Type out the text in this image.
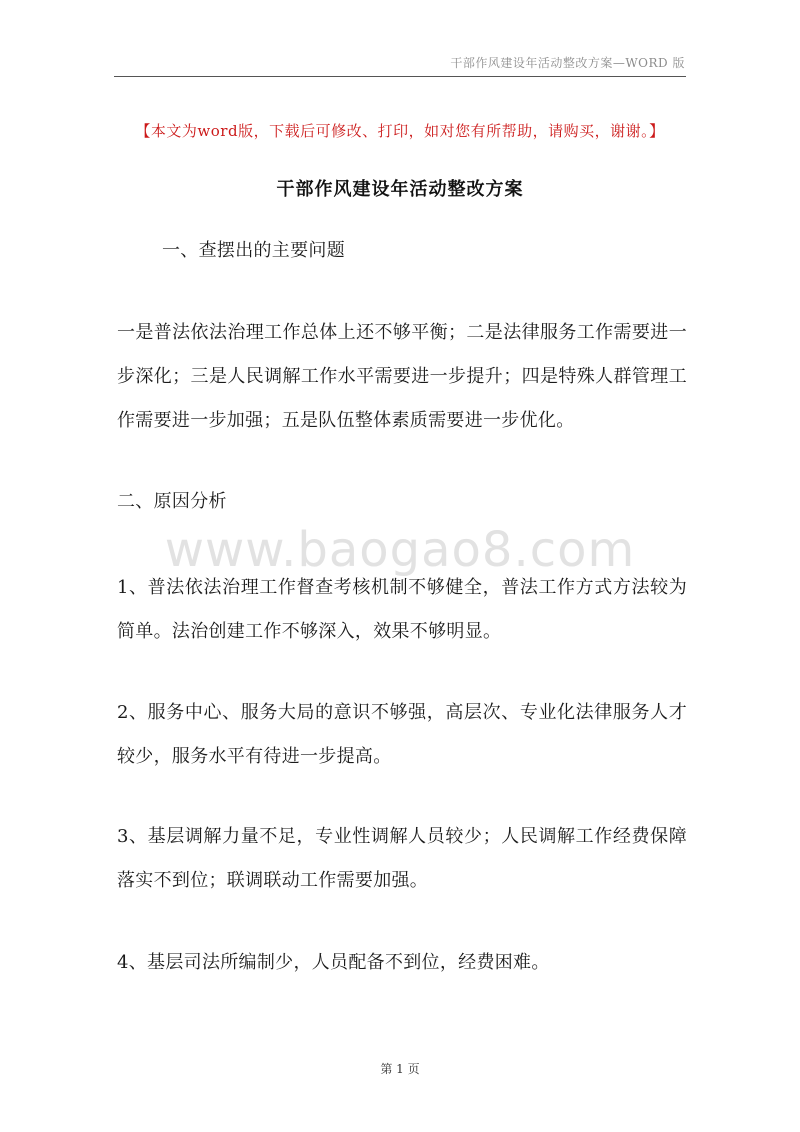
干部作风建设年活动整改方案—WORD 版
【本文为word版，下载后可修改、打印，如对您有所帮助，请购买，谢谢。】
干部作风建设年活动整改方案

一、查摆出的主要问题

一是普法依法治理工作总体上还不够平衡；二是法律服务工作需要进一步深化；三是人民调解工作水平需要进一步提升；四是特殊人群管理工作需要进一步加强；五是队伍整体素质需要进一步优化。

二、原因分析

www.baogao8.com

1、普法依法治理工作督查考核机制不够健全，普法工作方式方法较为简单。法治创建工作不够深入，效果不够明显。

2、服务中心、服务大局的意识不够强，高层次、专业化法律服务人才较少，服务水平有待进一步提高。

3、基层调解力量不足，专业性调解人员较少；人民调解工作经费保障落实不到位；联调联动工作需要加强。

4、基层司法所编制少，人员配备不到位，经费困难。

第 1 页
